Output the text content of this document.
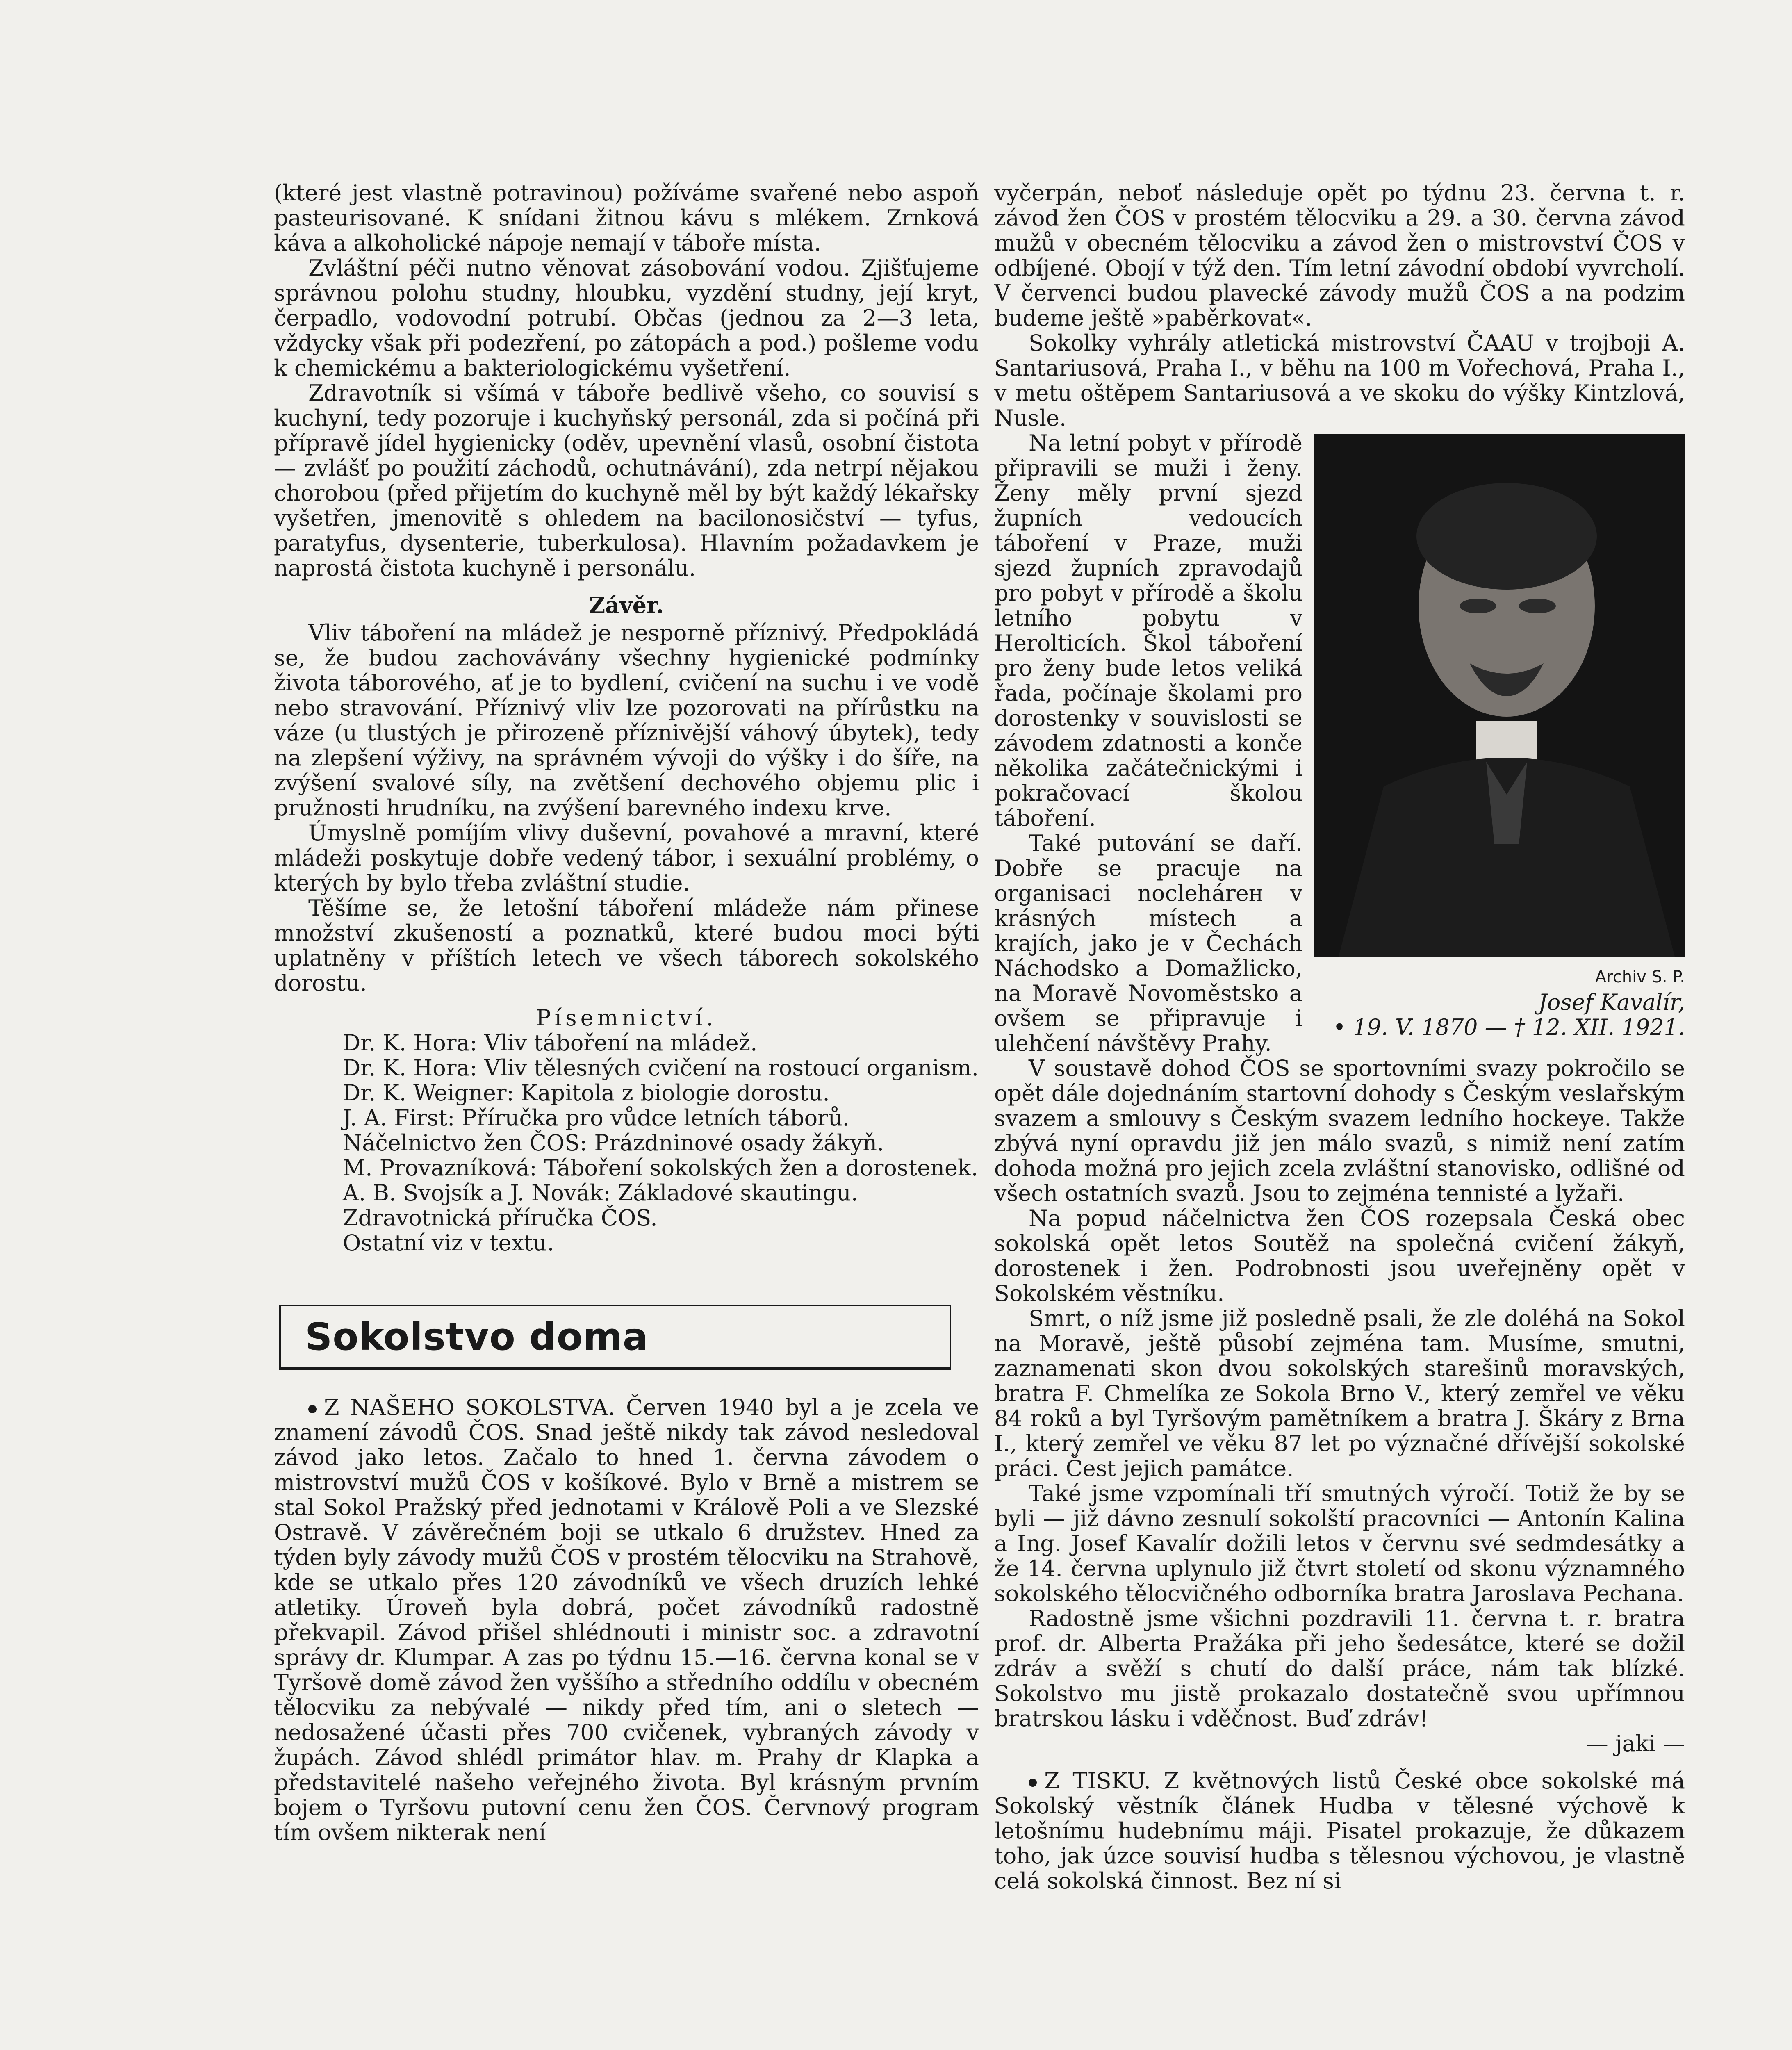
(které jest vlastně potravinou) požíváme svařené nebo aspoň pasteurisované. K snídani žitnou kávu s mlékem. Zrnková káva a alkoholické nápoje nemají v táboře místa.

Zvláštní péči nutno věnovat zásobování vodou. Zjišťujeme správnou polohu studny, hloubku, vyzdění studny, její kryt, čerpadlo, vodovodní potrubí. Občas (jednou za 2—3 leta, vždycky však při podezření, po zátopách a pod.) pošleme vodu k chemickému a bakteriologickému vyšetření.

Zdravotník si všímá v táboře bedlivě všeho, co souvisí s kuchyní, tedy pozoruje i kuchyňský personál, zda si počíná při přípravě jídel hygienicky (oděv, upevnění vlasů, osobní čistota — zvlášť po použití záchodů, ochutnávání), zda netrpí nějakou chorobou (před přijetím do kuchyně měl by být každý lékařsky vyšetřen, jmenovitě s ohledem na bacilonosičství — tyfus, paratyfus, dysenterie, tuberkulosa). Hlavním požadavkem je naprostá čistota kuchyně i personálu.

Závěr.

Vliv táboření na mládež je nesporně příznivý. Předpokládá se, že budou zachovávány všechny hygienické podmínky života táborového, ať je to bydlení, cvičení na suchu i ve vodě nebo stravování. Příznivý vliv lze pozorovati na přírůstku na váze (u tlustých je přirozeně příznivější váhový úbytek), tedy na zlepšení výživy, na správném vývoji do výšky i do šíře, na zvýšení svalové síly, na zvětšení dechového objemu plic i pružnosti hrudníku, na zvýšení barevného indexu krve.

Úmyslně pomíjím vlivy duševní, povahové a mravní, které mládeži poskytuje dobře vedený tábor, i sexuální problémy, o kterých by bylo třeba zvláštní studie.

Těšíme se, že letošní táboření mládeže nám přinese množství zkušeností a poznatků, které budou moci býti uplatněny v příštích letech ve všech táborech sokolského dorostu.

Písemnictví.

Dr. K. Hora: Vliv táboření na mládež.

Dr. K. Hora: Vliv tělesných cvičení na rostoucí organism.

Dr. K. Weigner: Kapitola z biologie dorostu.

J. A. First: Příručka pro vůdce letních táborů.

Náčelnictvo žen ČOS: Prázdninové osady žákyň.

M. Provazníková: Táboření sokolských žen a dorostenek.

A. B. Svojsík a J. Novák: Základové skautingu.

Zdravotnická příručka ČOS.

Ostatní viz v textu.

Sokolstvo doma

Z NAŠEHO SOKOLSTVA. Červen 1940 byl a je zcela ve znamení závodů ČOS. Snad ještě nikdy tak závod nesledoval závod jako letos. Začalo to hned 1. června závodem o mistrovství mužů ČOS v košíkové. Bylo v Brně a mistrem se stal Sokol Pražský před jednotami v Králově Poli a ve Slezské Ostravě. V závěrečném boji se utkalo 6 družstev. Hned za týden byly závody mužů ČOS v prostém tělocviku na Strahově, kde se utkalo přes 120 závodníků ve všech druzích lehké atletiky. Úroveň byla dobrá, počet závodníků radostně překvapil. Závod přišel shlédnouti i ministr soc. a zdravotní správy dr. Klumpar. A zas po týdnu 15.—16. června konal se v Tyršově domě závod žen vyššího a středního oddílu v obecném tělocviku za nebývalé — nikdy před tím, ani o sletech — nedosažené účasti přes 700 cvičenek, vybraných závody v župách. Závod shlédl primátor hlav. m. Prahy dr Klapka a představitelé našeho veřejného života. Byl krásným prvním bojem o Tyršovu putovní cenu žen ČOS. Červnový program tím ovšem nikterak není

vyčerpán, neboť následuje opět po týdnu 23. června t. r. závod žen ČOS v prostém tělocviku a 29. a 30. června závod mužů v obecném tělocviku a závod žen o mistrovství ČOS v odbíjené. Obojí v týž den. Tím letní závodní období vyvrcholí. V červenci budou plavecké závody mužů ČOS a na podzim budeme ještě »paběrkovat«.

Sokolky vyhrály atletická mistrovství ČAAU v trojboji A. Santariusová, Praha I., v běhu na 100 m Vořechová, Praha I., v metu oštěpem Santariusová a ve skoku do výšky Kintzlová, Nusle.

Archiv S. P.
Josef Kavalír,
• 19. V. 1870 — † 12. XII. 1921.

Na letní pobyt v přírodě připravili se muži i ženy. Ženy měly první sjezd župních vedoucích táboření v Praze, muži sjezd župních zpravodajů pro pobyt v přírodě a školu letního pobytu v Herolticích. Škol táboření pro ženy bude letos veliká řada, počínaje školami pro dorostenky v souvislosti se závodem zdatnosti a konče několika začátečnickými i pokračovací školou táboření.

Také putování se daří. Dobře se pracuje na organisaci noclehárен v krásných místech a krajích, jako je v Čechách Náchodsko a Domažlicko, na Moravě Novoměstsko a ovšem se připravuje i ulehčení návštěvy Prahy.

V soustavě dohod ČOS se sportovními svazy pokročilo se opět dále dojednáním startovní dohody s Českým veslařským svazem a smlouvy s Českým svazem ledního hockeye. Takže zbývá nyní opravdu již jen málo svazů, s nimiž není zatím dohoda možná pro jejich zcela zvláštní stanovisko, odlišné od všech ostatních svazů. Jsou to zejména tennisté a lyžaři.

Na popud náčelnictva žen ČOS rozepsala Česká obec sokolská opět letos Soutěž na společná cvičení žákyň, dorostenek i žen. Podrobnosti jsou uveřejněny opět v Sokolském věstníku.

Smrt, o níž jsme již posledně psali, že zle doléhá na Sokol na Moravě, ještě působí zejména tam. Musíme, smutni, zaznamenati skon dvou sokolských starešinů moravských, bratra F. Chmelíka ze Sokola Brno V., který zemřel ve věku 84 roků a byl Tyršovým pamětníkem a bratra J. Škáry z Brna I., který zemřel ve věku 87 let po význačné dřívější sokolské práci. Čest jejich památce.

Také jsme vzpomínali tří smutných výročí. Totiž že by se byli — již dávno zesnulí sokolští pracovníci — Antonín Kalina a Ing. Josef Kavalír dožili letos v červnu své sedmdesátky a že 14. června uplynulo již čtvrt století od skonu významného sokolského tělocvičného odborníka bratra Jaroslava Pechana.

Radostně jsme všichni pozdravili 11. června t. r. bratra prof. dr. Alberta Pražáka při jeho šedesátce, které se dožil zdráv a svěží s chutí do další práce, nám tak blízké. Sokolstvo mu jistě prokazalo dostatečně svou upřímnou bratrskou lásku i vděčnost. Buď zdráv!

— jaki —

Z TISKU. Z květnových listů České obce sokolské má Sokolský věstník článek Hudba v tělesné výchově k letošnímu hudebnímu máji. Pisatel prokazuje, že důkazem toho, jak úzce souvisí hudba s tělesnou výchovou, je vlastně celá sokolská činnost. Bez ní si
